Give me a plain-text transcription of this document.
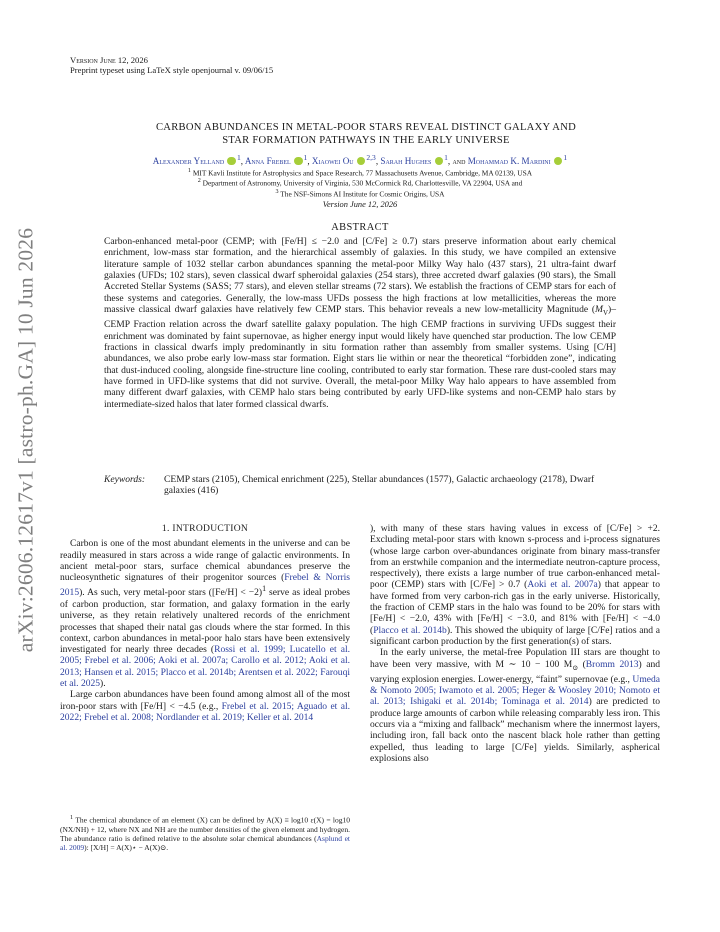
Version June 12, 2026
Preprint typeset using LaTeX style openjournal v. 09/06/15
arXiv:2606.12617v1 [astro-ph.GA] 10 Jun 2026
CARBON ABUNDANCES IN METAL-POOR STARS REVEAL DISTINCT GALAXY AND
STAR FORMATION PATHWAYS IN THE EARLY UNIVERSE
Alexander Yelland $^1$, Anna Frebel $^1$, Xiaowei Ou $^{2,3}$, Sarah Hughes $^1$, and Mohammad K. Mardini $^1$
$^1$ MIT Kavli Institute for Astrophysics and Space Research, 77 Massachusetts Avenue, Cambridge, MA 02139, USA
$^2$ Department of Astronomy, University of Virginia, 530 McCormick Rd, Charlottesville, VA 22904, USA and
$^3$ The NSF-Simons AI Institute for Cosmic Origins, USA
Version June 12, 2026
ABSTRACT
Carbon-enhanced metal-poor (CEMP; with [Fe/H] ≤ −2.0 and [C/Fe] ≥ 0.7) stars preserve information about early chemical enrichment, low-mass star formation, and the hierarchical assembly of galaxies. In this study, we have compiled an extensive literature sample of 1032 stellar carbon abundances spanning the metal-poor Milky Way halo (437 stars), 21 ultra-faint dwarf galaxies (UFDs; 102 stars), seven classical dwarf spheroidal galaxies (254 stars), three accreted dwarf galaxies (90 stars), the Small Accreted Stellar Systems (SASS; 77 stars), and eleven stellar streams (72 stars). We establish the fractions of CEMP stars for each of these systems and categories. Generally, the low-mass UFDs possess the high fractions at low metallicities, whereas the more massive classical dwarf galaxies have relatively few CEMP stars. This behavior reveals a new low-metallicity Magnitude $(M_V)$–CEMP Fraction relation across the dwarf satellite galaxy population. The high CEMP fractions in surviving UFDs suggest their enrichment was dominated by faint supernovae, as higher energy input would likely have quenched star production. The low CEMP fractions in classical dwarfs imply predominantly in situ formation rather than assembly from smaller systems. Using [C/H] abundances, we also probe early low-mass star formation. Eight stars lie within or near the theoretical “forbidden zone”, indicating that dust-induced cooling, alongside fine-structure line cooling, contributed to early star formation. These rare dust-cooled stars may have formed in UFD-like systems that did not survive. Overall, the metal-poor Milky Way halo appears to have assembled from many different dwarf galaxies, with CEMP halo stars being contributed by early UFD-like systems and non-CEMP halo stars by intermediate-sized halos that later formed classical dwarfs.
Keywords: CEMP stars (2105), Chemical enrichment (225), Stellar abundances (1577), Galactic archaeology (2178), Dwarf galaxies (416)
1. INTRODUCTION

Carbon is one of the most abundant elements in the universe and can be readily measured in stars across a wide range of galactic environments. In ancient metal-poor stars, surface chemical abundances preserve the nucleosynthetic signatures of their progenitor sources (Frebel & Norris 2015). As such, very metal-poor stars ([Fe/H] < −2)$^1$ serve as ideal probes of carbon production, star formation, and galaxy formation in the early universe, as they retain relatively unaltered records of the enrichment processes that shaped their natal gas clouds where the star formed. In this context, carbon abundances in metal-poor halo stars have been extensively investigated for nearly three decades (Rossi et al. 1999; Lucatello et al. 2005; Frebel et al. 2006; Aoki et al. 2007a; Carollo et al. 2012; Aoki et al. 2013; Hansen et al. 2015; Placco et al. 2014b; Arentsen et al. 2022; Farouqi et al. 2025).

Large carbon abundances have been found among almost all of the most iron-poor stars with [Fe/H] < −4.5 (e.g., Frebel et al. 2015; Aguado et al. 2022; Frebel et al. 2008; Nordlander et al. 2019; Keller et al. 2014

$^1$ The chemical abundance of an element (X) can be defined by A(X) ≡ log10 ε(X) = log10 (NX/NH) + 12, where NX and NH are the number densities of the given element and hydrogen. The abundance ratio is defined relative to the absolute solar chemical abundances (Asplund et al. 2009): [X/H] = A(X)⋆ − A(X)⊙.

), with many of these stars having values in excess of [C/Fe] > +2. Excluding metal-poor stars with known s-process and i-process signatures (whose large carbon over-abundances originate from binary mass-transfer from an erstwhile companion and the intermediate neutron-capture process, respectively), there exists a large number of true carbon-enhanced metal-poor (CEMP) stars with [C/Fe] > 0.7 (Aoki et al. 2007a) that appear to have formed from very carbon-rich gas in the early universe. Historically, the fraction of CEMP stars in the halo was found to be 20% for stars with [Fe/H] < −2.0, 43% with [Fe/H] < −3.0, and 81% with [Fe/H] < −4.0 (Placco et al. 2014b). This showed the ubiquity of large [C/Fe] ratios and a significant carbon production by the first generation(s) of stars.

In the early universe, the metal-free Population III stars are thought to have been very massive, with M ∼ 10 − 100 $M_⊙$ (Bromm 2013) and varying explosion energies. Lower-energy, “faint” supernovae (e.g., Umeda & Nomoto 2005; Iwamoto et al. 2005; Heger & Woosley 2010; Nomoto et al. 2013; Ishigaki et al. 2014b; Tominaga et al. 2014) are predicted to produce large amounts of carbon while releasing comparably less iron. This occurs via a “mixing and fallback” mechanism where the innermost layers, including iron, fall back onto the nascent black hole rather than getting expelled, thus leading to large [C/Fe] yields. Similarly, aspherical explosions also
